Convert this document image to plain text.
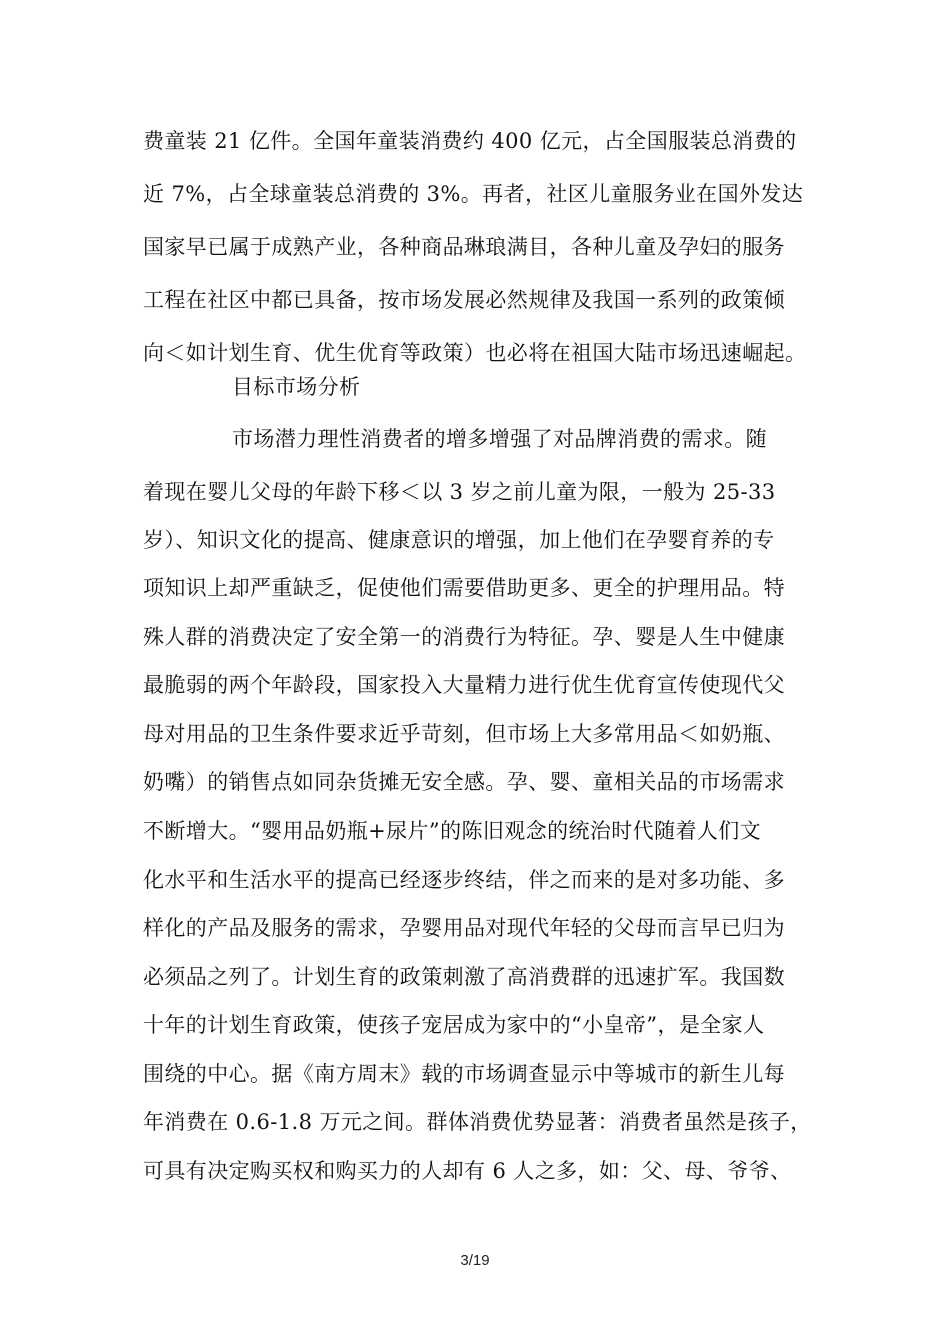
费童装 21 亿件。全国年童装消费约 400 亿元，占全国服装总消费的
近 7%，占全球童装总消费的 3%。再者，社区儿童服务业在国外发达
国家早已属于成熟产业，各种商品琳琅满目，各种儿童及孕妇的服务
工程在社区中都已具备，按市场发展必然规律及我国一系列的政策倾
向＜如计划生育、优生优育等政策）也必将在祖国大陆市场迅速崛起。
目标市场分析
市场潜力理性消费者的增多增强了对品牌消费的需求。随
着现在婴儿父母的年龄下移＜以 3 岁之前儿童为限，一般为 25-33
岁）、知识文化的提高、健康意识的增强，加上他们在孕婴育养的专
项知识上却严重缺乏，促使他们需要借助更多、更全的护理用品。特
殊人群的消费决定了安全第一的消费行为特征。孕、婴是人生中健康
最脆弱的两个年龄段，国家投入大量精力进行优生优育宣传使现代父
母对用品的卫生条件要求近乎苛刻，但市场上大多常用品＜如奶瓶、
奶嘴）的销售点如同杂货摊无安全感。孕、婴、童相关品的市场需求
不断增大。“婴用品奶瓶+尿片”的陈旧观念的统治时代随着人们文
化水平和生活水平的提高已经逐步终结，伴之而来的是对多功能、多
样化的产品及服务的需求，孕婴用品对现代年轻的父母而言早已归为
必须品之列了。计划生育的政策刺激了高消费群的迅速扩军。我国数
十年的计划生育政策，使孩子宠居成为家中的“小皇帝”，是全家人
围绕的中心。据《南方周末》载的市场调查显示中等城市的新生儿每
年消费在 0.6-1.8 万元之间。群体消费优势显著：消费者虽然是孩子，
可具有决定购买权和购买力的人却有 6 人之多，如：父、母、爷爷、
3/19
